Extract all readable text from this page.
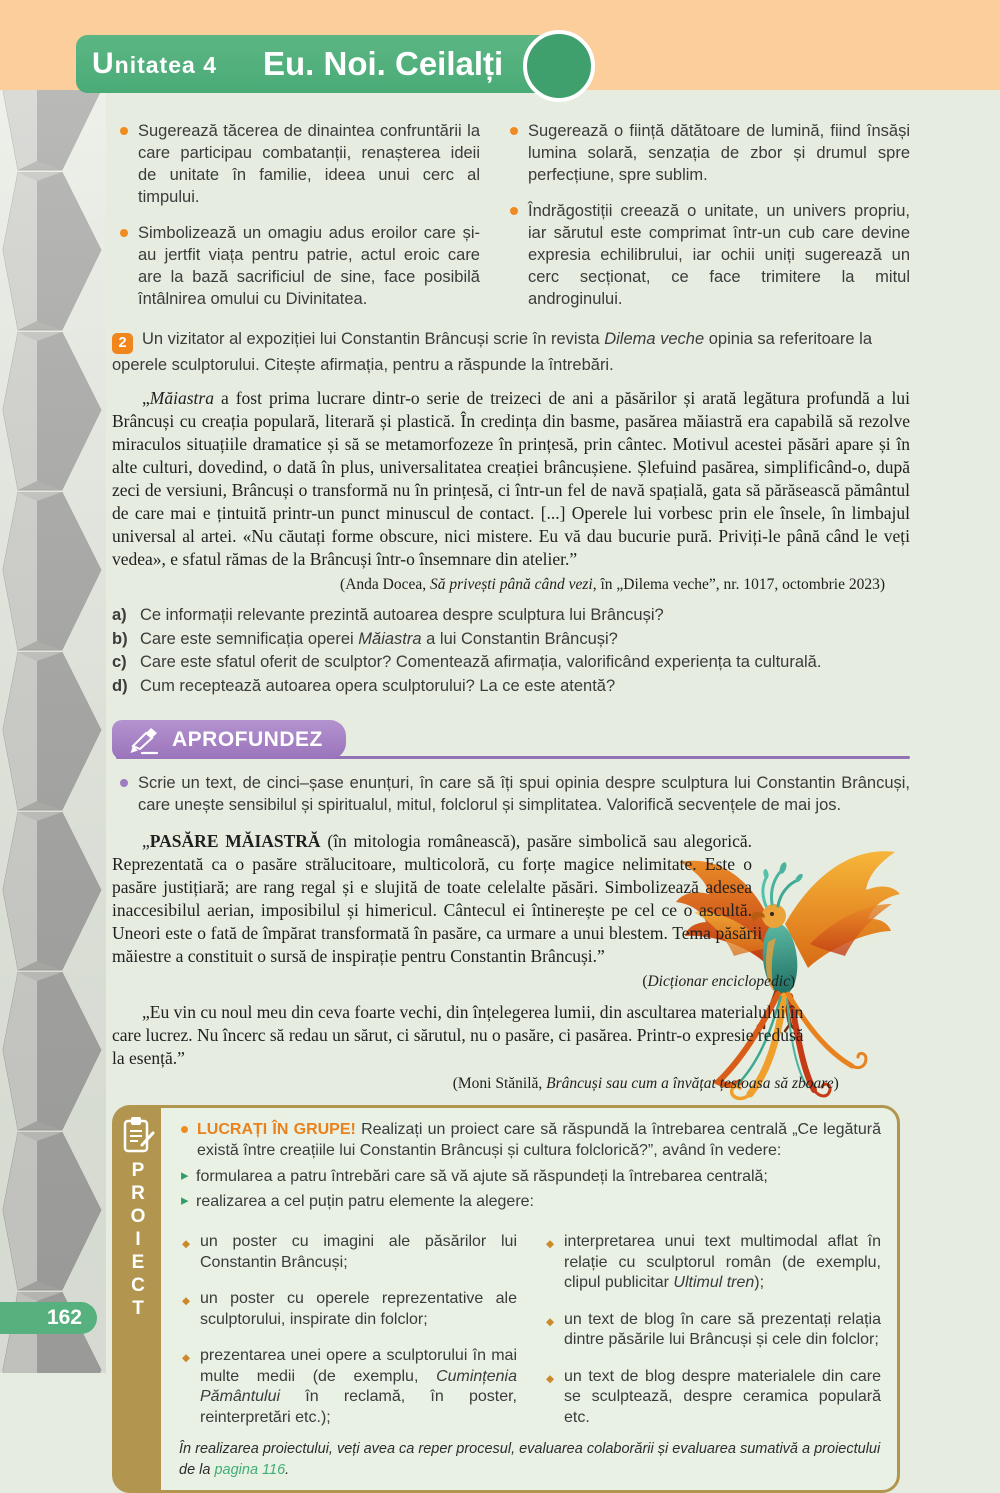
Unitatea 4 Eu. Noi. Ceilalți

Sugerează tăcerea de dinaintea confruntării la care participau combatanții, renașterea ideii de unitate în familie, ideea unui cerc al timpului.

Simbolizează un omagiu adus eroilor care și-au jertfit viața pentru patrie, actul eroic care are la bază sacrificiul de sine, face posibilă întâlnirea omului cu Divinitatea.

Sugerează o ființă dătătoare de lumină, fiind însăși lumina solară, senzația de zbor și drumul spre perfecțiune, spre sublim.

Îndrăgostiții creează o unitate, un univers propriu, iar sărutul este comprimat într-un cub care devine expresia echilibrului, iar ochii uniți sugerează un cerc secționat, ce face trimitere la mitul androginului.

2 Un vizitator al expoziției lui Constantin Brâncuși scrie în revista Dilema veche opinia sa referitoare la operele sculptorului. Citește afirmația, pentru a răspunde la întrebări.

„Măiastra a fost prima lucrare dintr-o serie de treizeci de ani a păsărilor și arată legătura profundă a lui Brâncuși cu creația populară, literară și plastică. În credința din basme, pasărea măiastră era capabilă să rezolve miraculos situațiile dramatice și să se metamorfozeze în prințesă, prin cântec. Motivul acestei păsări apare și în alte culturi, dovedind, o dată în plus, universalitatea creației brâncușiene. Șlefuind pasărea, simplificând-o, după zeci de versiuni, Brâncuși o transformă nu în prințesă, ci într-un fel de navă spațială, gata să părăsească pământul de care mai e țintuită printr-un punct minuscul de contact. [...] Operele lui vorbesc prin ele însele, în limbajul universal al artei. «Nu căutați forme obscure, nici mistere. Eu vă dau bucurie pură. Priviți-le până când le veți vedea», e sfatul rămas de la Brâncuși într-o însemnare din atelier.”

(Anda Docea, Să privești până când vezi, în „Dilema veche”, nr. 1017, octombrie 2023)

a) Ce informații relevante prezintă autoarea despre sculptura lui Brâncuși?
b) Care este semnificația operei Măiastra a lui Constantin Brâncuși?
c) Care este sfatul oferit de sculptor? Comentează afirmația, valorificând experiența ta culturală.
d) Cum receptează autoarea opera sculptorului? La ce este atentă?
APROFUNDEZ

Scrie un text, de cinci–șase enunțuri, în care să îți spui opinia despre sculptura lui Constantin Brâncuși, care unește sensibilul și spiritualul, mitul, folclorul și simplitatea. Valorifică secvențele de mai jos.

„PASĂRE MĂIASTRĂ (în mitologia românească), pasăre simbolică sau alegorică. Reprezentată ca o pasăre strălucitoare, multicoloră, cu forțe magice nelimitate. Este o pasăre justițiară; are rang regal și e slujită de toate celelalte păsări. Simbolizează adesea inaccesibilul aerian, imposibilul și himericul. Cântecul ei întinerește pe cel ce o ascultă. Uneori este o fată de împărat transformată în pasăre, ca urmare a unui blestem. Tema păsării măiestre a constituit o sursă de inspirație pentru Constantin Brâncuși.”

(Dicționar enciclopedic)

„Eu vin cu noul meu din ceva foarte vechi, din înțelegerea lumii, din ascultarea materialului în care lucrez. Nu încerc să redau un sărut, ci sărutul, nu o pasăre, ci pasărea. Printr-o expresie redusă la esență.”

(Moni Stănilă, Brâncuși sau cum a învățat țestoasa să zboare)

P
R
O
I
E
C
T

LUCRAȚI ÎN GRUPE! Realizați un proiect care să răspundă la întrebarea centrală „Ce legătură există între creațiile lui Constantin Brâncuși și cultura folclorică?”, având în vedere:

▸ formularea a patru întrebări care să vă ajute să răspundeți la întrebarea centrală;

▸ realizarea a cel puțin patru elemente la alegere:

◆ un poster cu imagini ale păsărilor lui Constantin Brâncuși;

◆ un poster cu operele reprezentative ale sculptorului, inspirate din folclor;

◆ prezentarea unei opere a sculptorului în mai multe medii (de exemplu, Cumințenia Pământului în reclamă, în poster, reinterpretări etc.);

◆ interpretarea unui text multimodal aflat în relație cu sculptorul român (de exemplu, clipul publicitar Ultimul tren);

◆ un text de blog în care să prezentați relația dintre păsările lui Brâncuși și cele din folclor;

◆ un text de blog despre materialele din care se sculptează, despre ceramica populară etc.

În realizarea proiectului, veți avea ca reper procesul, evaluarea colaborării și evaluarea sumativă a proiectului de la pagina 116.

162
